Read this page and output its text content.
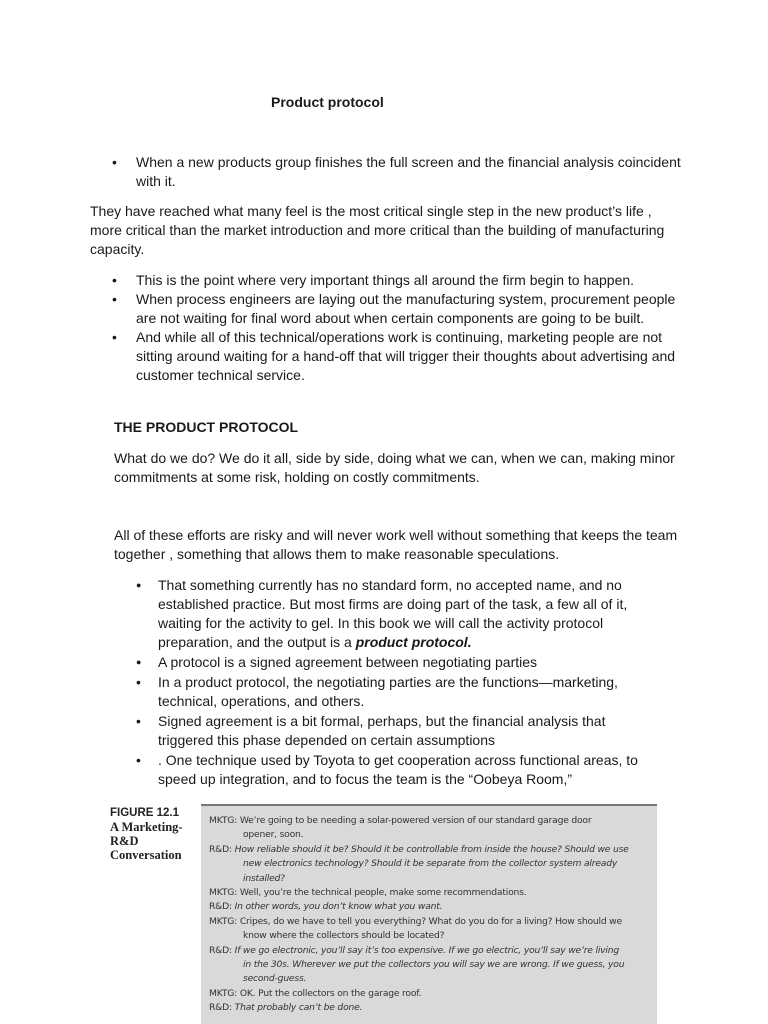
Product protocol
• When a new products group finishes the full screen and the financial analysis coincident with it.
They have reached what many feel is the most critical single step in the new product’s life , more critical than the market introduction and more critical than the building of manufacturing capacity.
• This is the point where very important things all around the firm begin to happen.
• When process engineers are laying out the manufacturing system, procurement people are not waiting for final word about when certain components are going to be built.
• And while all of this technical/operations work is continuing, marketing people are not sitting around waiting for a hand-off that will trigger their thoughts about advertising and customer technical service.
THE PRODUCT PROTOCOL
What do we do? We do it all, side by side, doing what we can, when we can, making minor commitments at some risk, holding on costly commitments.
All of these efforts are risky and will never work well without something that keeps the team together , something that allows them to make reasonable speculations.
● That something currently has no standard form, no accepted name, and no established practice. But most firms are doing part of the task, a few all of it, waiting for the activity to gel. In this book we will call the activity protocol preparation, and the output is a product protocol.
● A protocol is a signed agreement between negotiating parties
• In a product protocol, the negotiating parties are the functions—marketing, technical, operations, and others.
• Signed agreement is a bit formal, perhaps, but the financial analysis that triggered this phase depended on certain assumptions
• . One technique used by Toyota to get cooperation across functional areas, to speed up integration, and to focus the team is the “Oobeya Room,”
FIGURE 12.1
A Marketing-R&D Conversation
MKTG: We’re going to be needing a solar-powered version of our standard garage door
opener, soon.
R&D: How reliable should it be? Should it be controllable from inside the house? Should we use
new electronics technology? Should it be separate from the collector system already
installed?
MKTG: Well, you’re the technical people, make some recommendations.
R&D: In other words, you don’t know what you want.
MKTG: Cripes, do we have to tell you everything? What do you do for a living? How should we
know where the collectors should be located?
R&D: If we go electronic, you’ll say it’s too expensive. If we go electric, you’ll say we’re living
in the 30s. Wherever we put the collectors you will say we are wrong. If we guess, you
second-guess.
MKTG: OK. Put the collectors on the garage roof.
R&D: That probably can’t be done.
